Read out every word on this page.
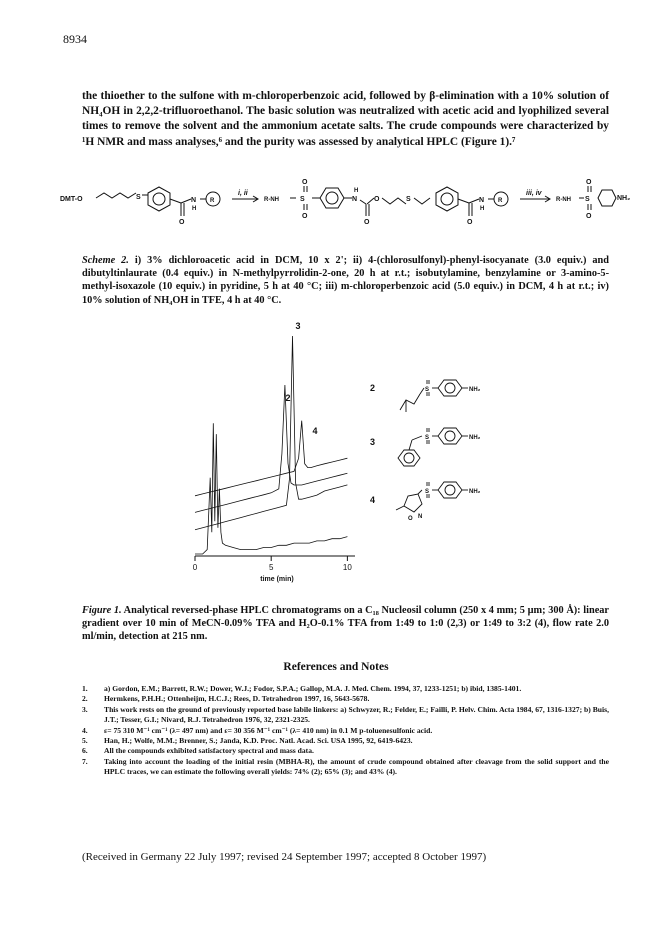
8934
the thioether to the sulfone with m-chloroperbenzoic acid, followed by β-elimination with a 10% solution of NH₄OH in 2,2,2-trifluoroethanol. The basic solution was neutralized with acetic acid and lyophilized several times to remove the solvent and the ammonium acetate salts. The crude compounds were characterized by ¹H NMR and mass analyses,⁶ and the purity was assessed by analytical HPLC (Figure 1).⁷
DMT-O	S	N
H
O
R
i, ii
R-NH	S
O
O
N
H
O
O	S	N
H
O
R
iii, iv
R-NH S
O
O
NH₂
Scheme 2. i) 3% dichloroacetic acid in DCM, 10 x 2'; ii) 4-(chlorosulfonyl)-phenyl-isocyanate (3.0 equiv.) and dibutyltinlaurate (0.4 equiv.) in N-methylpyrrolidin-2-one, 20 h at r.t.; isobutylamine, benzylamine or 3-amino-5-methyl-isoxazole (10 equiv.) in pyridine, 5 h at 40 °C; iii) m-chloroperbenzoic acid (5.0 equiv.) in DCM, 4 h at r.t.; iv) 10% solution of NH₄OH in TFE, 4 h at 40 °C.
0	5	10
time (min)
3
2
4
2
3
4
S
S
S
NH₂
NH₂
NH₂
O N
Figure 1. Analytical reversed-phase HPLC chromatograms on a C₁₈ Nucleosil column (250 x 4 mm; 5 µm; 300 Å): linear gradient over 10 min of MeCN-0.09% TFA and H₂O-0.1% TFA from 1:49 to 1:0 (2,3) or 1:49 to 3:2 (4), flow rate 2.0 ml/min, detection at 215 nm.
References and Notes
1.	a) Gordon, E.M.; Barrett, R.W.; Dower, W.J.; Fodor, S.P.A.; Gallop, M.A. J. Med. Chem. 1994, 37, 1233-1251; b) ibid, 1385-1401.
2.	Hermkens, P.H.H.; Ottenheijm, H.C.J.; Rees, D. Tetrahedron 1997, 16, 5643-5678.
3.	This work rests on the ground of previously reported base labile linkers: a) Schwyzer, R.; Felder, E.; Failli, P. Helv. Chim. Acta 1984, 67, 1316-1327; b) Buis, J.T.; Tesser, G.I.; Nivard, R.J. Tetrahedron 1976, 32, 2321-2325.
4.	ε= 75 310 M⁻¹ cm⁻¹ (λ= 497 nm) and ε= 30 356 M⁻¹ cm⁻¹ (λ= 410 nm) in 0.1 M p-toluenesulfonic acid.
5.	Han, H.; Wolfe, M.M.; Brenner, S.; Janda, K.D. Proc. Natl. Acad. Sci. USA 1995, 92, 6419-6423.
6.	All the compounds exhibited satisfactory spectral and mass data.
7.	Taking into account the loading of the initial resin (MBHA-R), the amount of crude compound obtained after cleavage from the solid support and the HPLC traces, we can estimate the following overall yields: 74% (2); 65% (3); and 43% (4).
(Received in Germany 22 July 1997; revised 24 September 1997; accepted 8 October 1997)
